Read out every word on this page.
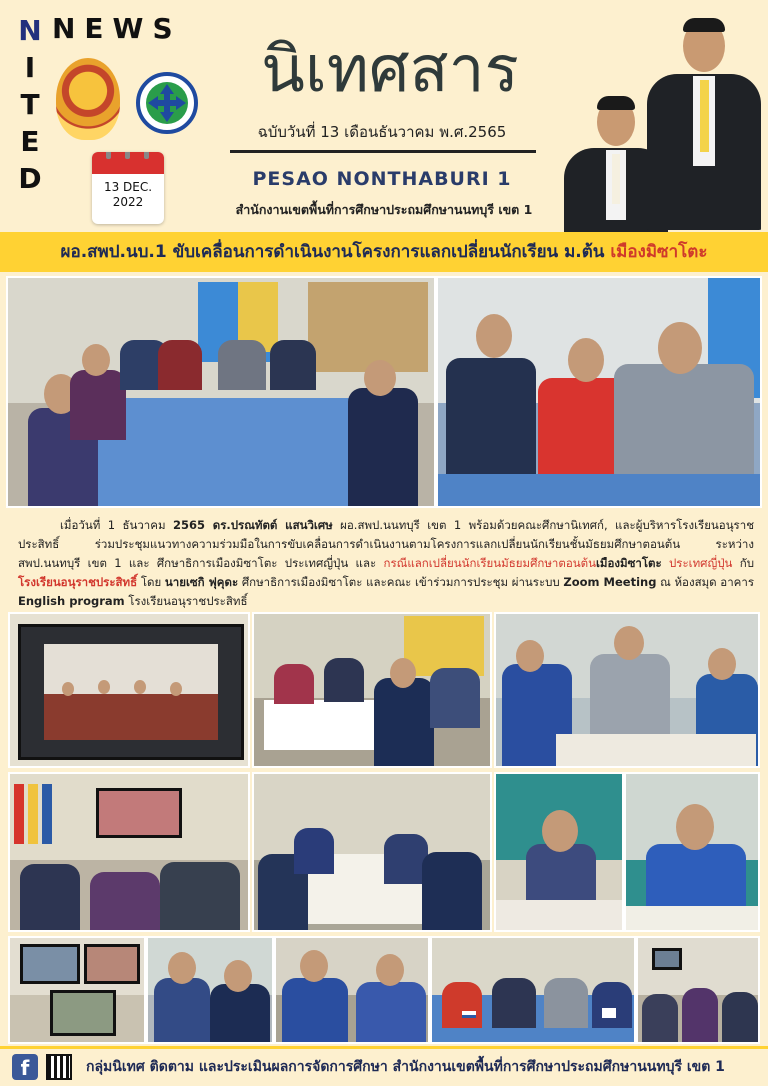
N
I
T
E
D
NEWS
13 DEC.
2022
นิเทศสาร
ฉบับวันที่ 13 เดือนธันวาคม พ.ศ.2565
PESAO NONTHABURI 1
สำนักงานเขตพื้นที่การศึกษาประถมศึกษานนทบุรี เขต 1
ผอ.สพป.นบ.1 ขับเคลื่อนการดำเนินงานโครงการแลกเปลี่ยนนักเรียน ม.ต้น เมืองมิซาโตะ
เมื่อวันที่ 1 ธันวาคม 2565 ดร.ปรณทัตต์ แสนวิเศษ ผอ.สพป.นนทบุรี เขต 1 พร้อมด้วยคณะศึกษานิเทศก์, และผู้บริหารโรงเรียนอนุราชประสิทธิ์ ร่วมประชุมแนวทางความร่วมมือในการขับเคลื่อนการดำเนินงานตามโครงการแลกเปลี่ยนนักเรียนชั้นมัธยมศึกษาตอนต้น ระหว่าง สพป.นนทบุรี เขต 1 และ ศึกษาธิการเมืองมิซาโตะ ประเทศญี่ปุ่น และ กรณีแลกเปลี่ยนนักเรียนมัธยมศึกษาตอนต้นเมืองมิซาโตะ ประเทศญี่ปุ่น กับ โรงเรียนอนุราชประสิทธิ์ โดย นายเซกิ ฟุคุดะ ศึกษาธิการเมืองมิซาโตะ และคณะ เข้าร่วมการประชุม ผ่านระบบ Zoom Meeting ณ ห้องสมุด อาคาร English program โรงเรียนอนุราชประสิทธิ์
f	กลุ่มนิเทศ ติดตาม และประเมินผลการจัดการศึกษา สำนักงานเขตพื้นที่การศึกษาประถมศึกษานนทบุรี เขต 1
